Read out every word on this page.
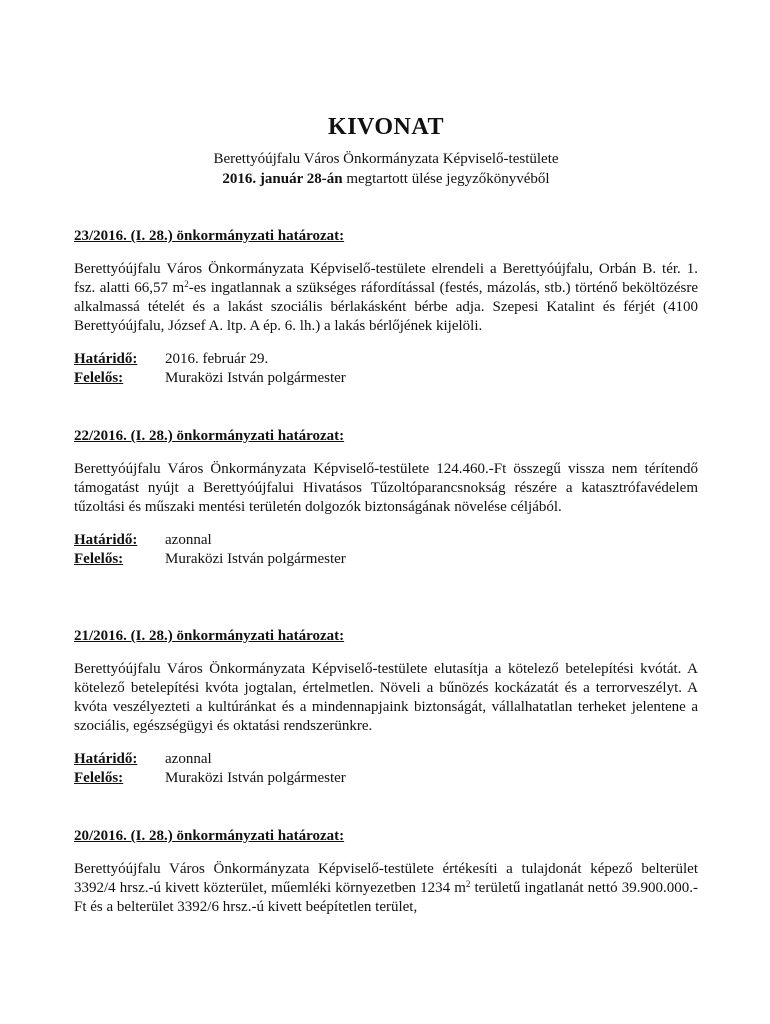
KIVONAT
Berettyóújfalu Város Önkormányzata Képviselő-testülete
2016. január 28-án megtartott ülése jegyzőkönyvéből
23/2016. (I. 28.) önkormányzati határozat:
Berettyóújfalu Város Önkormányzata Képviselő-testülete elrendeli a Berettyóújfalu, Orbán B. tér. 1. fsz. alatti 66,57 $m^2-es$ ingatlannak a szükséges ráfordítással (festés, mázolás, stb.) történő beköltözésre alkalmassá tételét és a lakást szociális bérlakásként bérbe adja. Szepesi Katalint és férjét (4100 Berettyóújfalu, József A. ltp. A ép. 6. lh.) a lakás bérlőjének kijelöli.
Határidő:	2016. február 29.
Felelős:	Muraközi István polgármester
22/2016. (I. 28.) önkormányzati határozat:
Berettyóújfalu Város Önkormányzata Képviselő-testülete 124.460.-Ft összegű vissza nem térítendő támogatást nyújt a Berettyóújfalui Hivatásos Tűzoltóparancsnokság részére a katasztrófavédelem tűzoltási és műszaki mentési területén dolgozók biztonságának növelése céljából.
Határidő:	azonnal
Felelős:	Muraközi István polgármester
21/2016. (I. 28.) önkormányzati határozat:
Berettyóújfalu Város Önkormányzata Képviselő-testülete elutasítja a kötelező betelepítési kvótát. A kötelező betelepítési kvóta jogtalan, értelmetlen. Növeli a bűnözés kockázatát és a terrorveszélyt. A kvóta veszélyezteti a kultúránkat és a mindennapjaink biztonságát, vállalhatatlan terheket jelentene a szociális, egészségügyi és oktatási rendszerünkre.
Határidő:	azonnal
Felelős:	Muraközi István polgármester
20/2016. (I. 28.) önkormányzati határozat:
Berettyóújfalu Város Önkormányzata Képviselő-testülete értékesíti a tulajdonát képező belterület 3392/4 hrsz.-ú kivett közterület, műemléki környezetben 1234 $m^2$ területű ingatlanát nettó 39.900.000.-Ft és a belterület 3392/6 hrsz.-ú kivett beépítetlen terület,
